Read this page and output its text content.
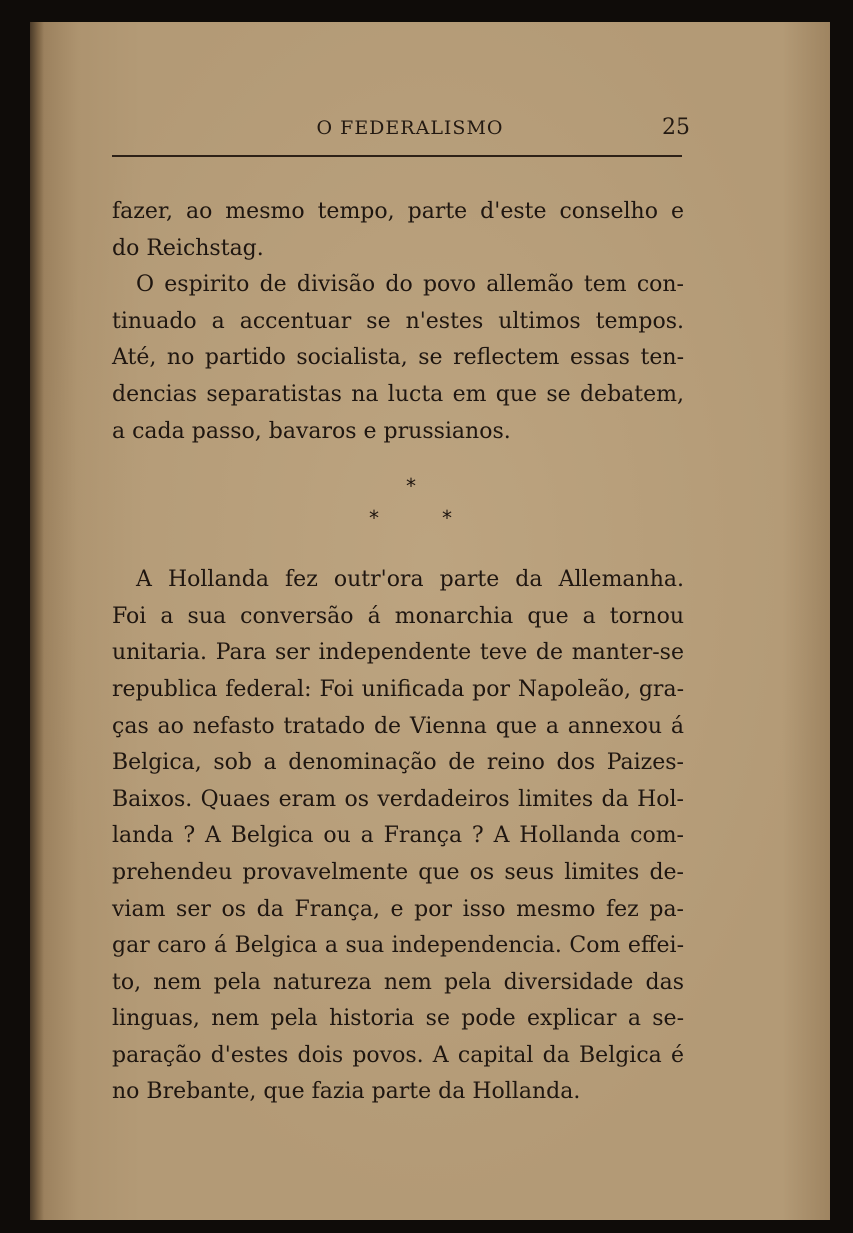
O FEDERALISMO	25
fazer, ao mesmo tempo, parte d'este conselho e
do Reichstag.
O espirito de divisão do povo allemão tem con-
tinuado a accentuar se n'estes ultimos tempos.
Até, no partido socialista, se reflectem essas ten-
dencias separatistas na lucta em que se debatem,
a cada passo, bavaros e prussianos.
*
*	*
A Hollanda fez outr'ora parte da Allemanha.
Foi a sua conversão á monarchia que a tornou
unitaria. Para ser independente teve de manter-se
republica federal: Foi unificada por Napoleão, gra-
ças ao nefasto tratado de Vienna que a annexou á
Belgica, sob a denominação de reino dos Paizes-
Baixos. Quaes eram os verdadeiros limites da Hol-
landa ? A Belgica ou a França ? A Hollanda com-
prehendeu provavelmente que os seus limites de-
viam ser os da França, e por isso mesmo fez pa-
gar caro á Belgica a sua independencia. Com effei-
to, nem pela natureza nem pela diversidade das
linguas, nem pela historia se pode explicar a se-
paração d'estes dois povos. A capital da Belgica é
no Brebante, que fazia parte da Hollanda.
